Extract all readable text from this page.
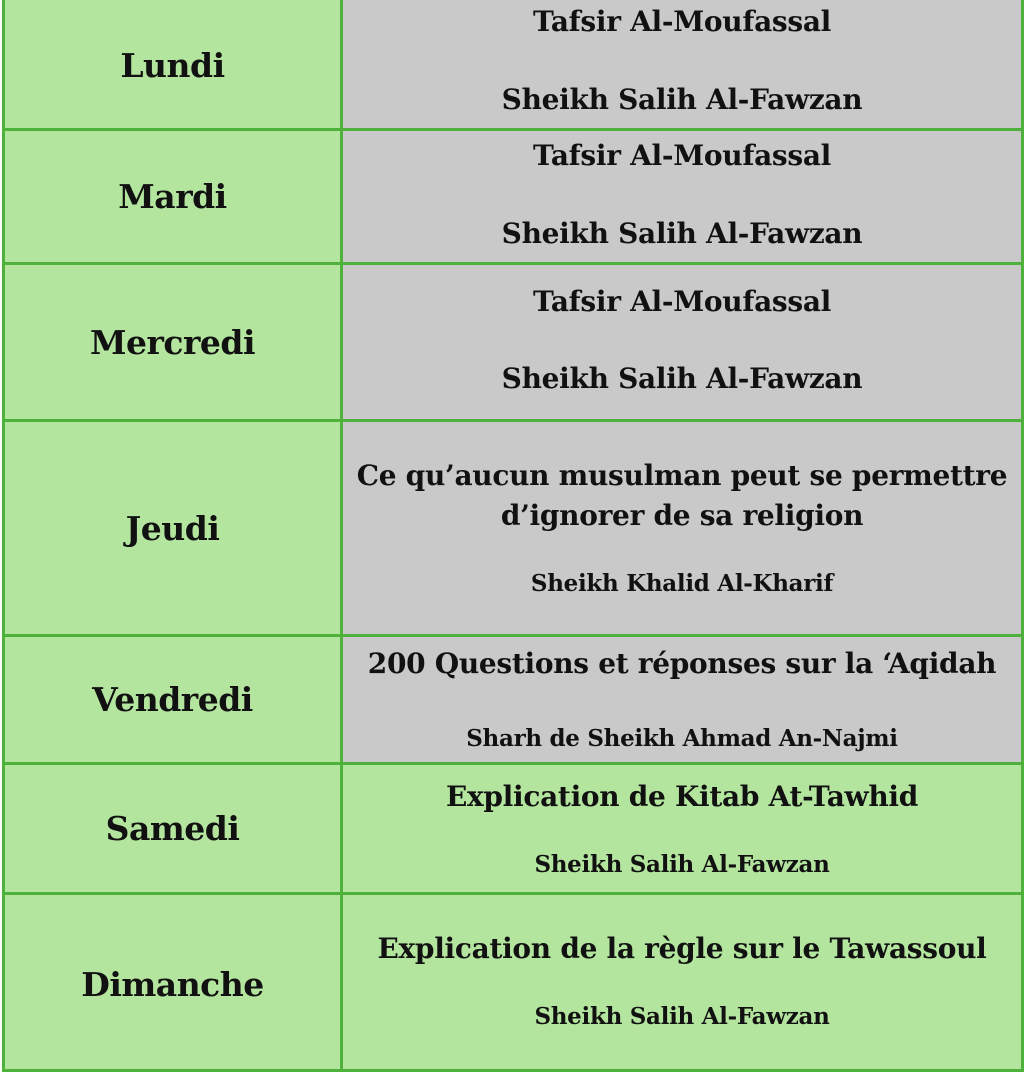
Lundi
Tafsir Al-Moufassal
Sheikh Salih Al-Fawzan
Mardi
Tafsir Al-Moufassal
Sheikh Salih Al-Fawzan
Mercredi
Tafsir Al-Moufassal
Sheikh Salih Al-Fawzan
Jeudi
Ce qu’aucun musulman peut se permettre
d’ignorer de sa religion
Sheikh Khalid Al-Kharif
Vendredi
200 Questions et réponses sur la ‘Aqidah
Sharh de Sheikh Ahmad An-Najmi
Samedi
Explication de Kitab At-Tawhid
Sheikh Salih Al-Fawzan
Dimanche
Explication de la règle sur le Tawassoul
Sheikh Salih Al-Fawzan
